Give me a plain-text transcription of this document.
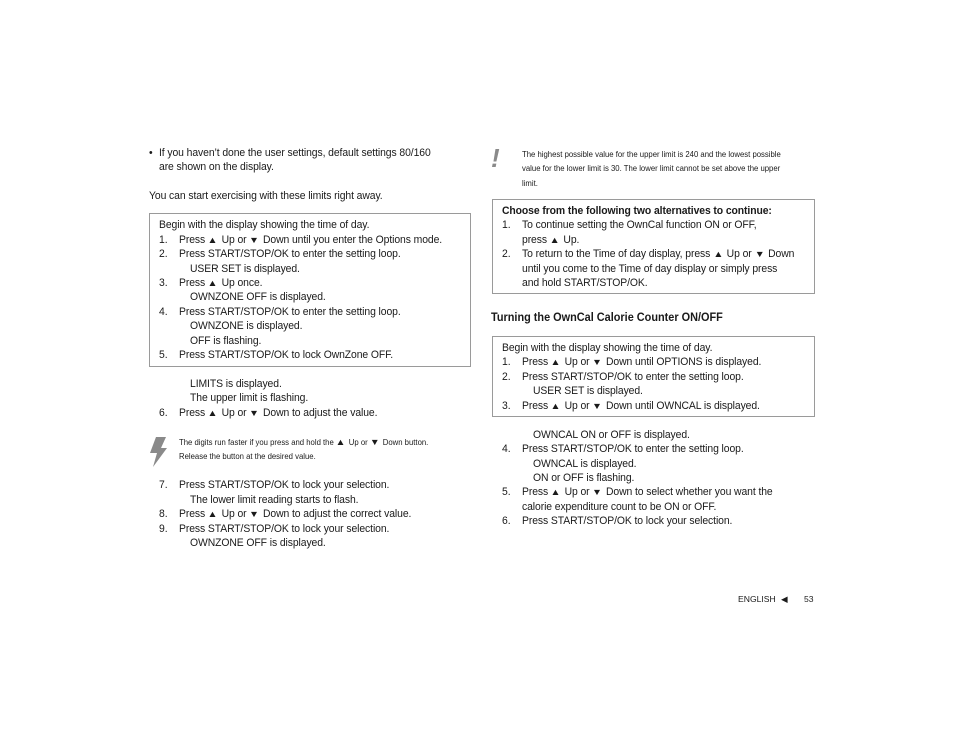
• If you haven’t done the user settings, default settings 80/160
are shown on the display.
You can start exercising with these limits right away.
Begin with the display showing the time of day.
1. Press ▲ Up or ▼ Down until you enter the Options mode.
2. Press START/STOP/OK to enter the setting loop.
USER SET is displayed.
3. Press ▲ Up once.
OWNZONE OFF is displayed.
4. Press START/STOP/OK to enter the setting loop.
OWNZONE is displayed.
OFF is flashing.
5. Press START/STOP/OK to lock OwnZone OFF.
LIMITS is displayed.
The upper limit is flashing.
6. Press ▲ Up or ▼ Down to adjust the value.
The digits run faster if you press and hold the ▲ Up or ▼ Down button.
Release the button at the desired value.
7. Press START/STOP/OK to lock your selection.
The lower limit reading starts to flash.
8. Press ▲ Up or ▼ Down to adjust the correct value.
9. Press START/STOP/OK to lock your selection.
OWNZONE OFF is displayed.
!	The highest possible value for the upper limit is 240 and the lowest possible
value for the lower limit is 30. The lower limit cannot be set above the upper
limit.
Choose from the following two alternatives to continue:
1. To continue setting the OwnCal function ON or OFF,
press ▲ Up.
2. To return to the Time of day display, press ▲ Up or ▼ Down
until you come to the Time of day display or simply press
and hold START/STOP/OK.
Turning the OwnCal Calorie Counter ON/OFF
Begin with the display showing the time of day.
1. Press ▲ Up or ▼ Down until OPTIONS is displayed.
2. Press START/STOP/OK to enter the setting loop.
USER SET is displayed.
3. Press ▲ Up or ▼ Down until OWNCAL is displayed.
OWNCAL ON or OFF is displayed.
4. Press START/STOP/OK to enter the setting loop.
OWNCAL is displayed.
ON or OFF is flashing.
5. Press ▲ Up or ▼ Down to select whether you want the
calorie expenditure count to be ON or OFF.
6. Press START/STOP/OK to lock your selection.
ENGLISH ◀ 53
